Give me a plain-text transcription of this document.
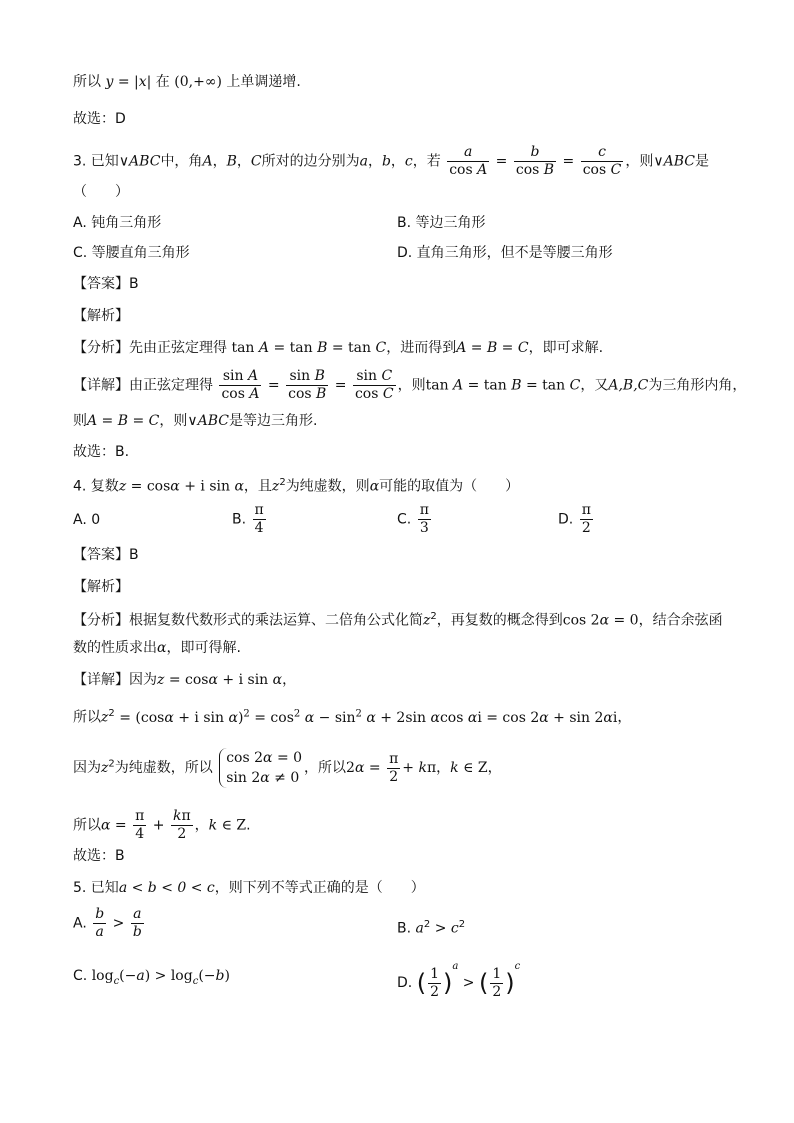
所以 y = |x| 在 (0,+∞) 上单调递增.
故选：D
3. 已知∨ABC中，角A，B，C所对的边分别为a，b，c，若 $\frac{a}{\text{cos A}} = \frac{b}{\text{cos B}} = \frac{c}{\text{cos C}}$ ，则∨ABC是
（　　）
A. 钝角三角形	B. 等边三角形
C. 等腰直角三角形	D. 直角三角形，但不是等腰三角形
【答案】B
【解析】
【分析】先由正弦定理得 tan A = tan B = tan C，进而得到A = B = C，即可求解.
【详解】由正弦定理得 $\frac{\text{sin A}}{\text{cos A}} = \frac{\text{sin B}}{\text{cos B}} = \frac{\text{sin C}}{\text{cos C}}$ ，则tan A = tan B = tan C，又A,B,C为三角形内角，
则A = B = C，则∨ABC是等边三角形.
故选：B.
4. 复数z = cosα + i sin α，且$z^2$为纯虚数，则α可能的取值为（　　）
A. 0	B. $\frac{\pi}{4}$	C. $\frac{\pi}{3}$	D. $\frac{\pi}{2}$
【答案】B
【解析】
【分析】根据复数代数形式的乘法运算、二倍角公式化简$z^2$，再复数的概念得到cos 2α = 0，结合余弦函
数的性质求出α，即可得解.
【详解】因为z = cosα + i sin α，
所以$z^2 = (\cos\alpha + i$ $\sin \alpha)^2 = \cos^2 \alpha - \sin^2 \alpha + 2\sin$ αcos αi = cos 2α + sin 2αi，
因为$z^2$为纯虚数，所以
cos 2α = 0
sin 2α ≠ 0
，所以$2\alpha = \frac{\pi}{2} + k\pi$，k ∈ Z，
所以$\alpha = \frac{\pi}{4} + \frac{k\pi}{2}$ ，k ∈ Z.
故选：B
5. 已知a < b < 0 < c，则下列不等式正确的是（　　）
A. $\frac{b}{a} > \frac{a}{b}$	B. $a^2 > c^2$
C. $\log_c(-a) > \log_c(-b)$	D. ( $\frac{1}{2} )^a$ > ( $\frac{1}{2} )^c$
